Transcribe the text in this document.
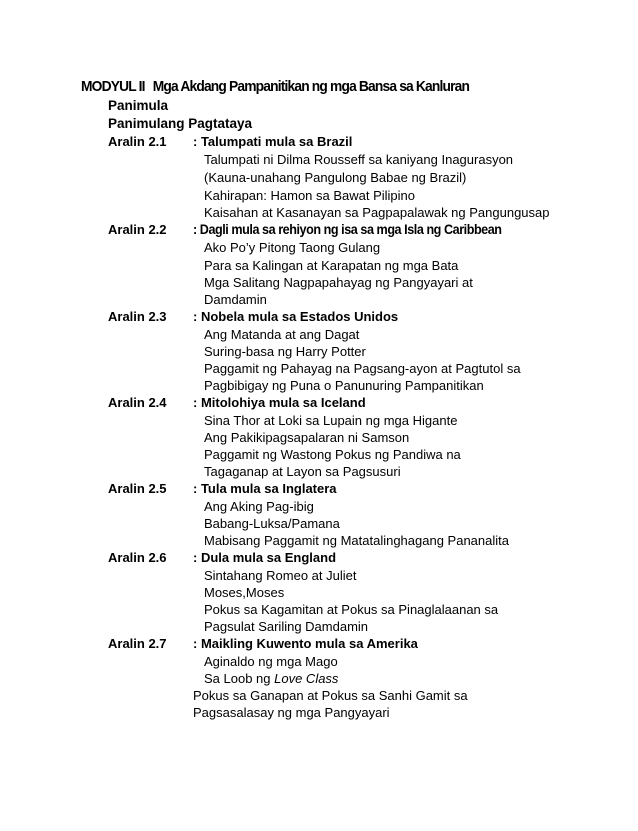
MODYUL II Mga Akdang Pampanitikan ng mga Bansa sa Kanluran
Panimula
Panimulang Pagtataya
Aralin 2.1 : Talumpati mula sa Brazil
Talumpati ni Dilma Rousseff sa kaniyang Inagurasyon
(Kauna-unahang Pangulong Babae ng Brazil)
Kahirapan: Hamon sa Bawat Pilipino
Kaisahan at Kasanayan sa Pagpapalawak ng Pangungusap
Aralin 2.2 : Dagli mula sa rehiyon ng isa sa mga Isla ng Caribbean
Ako Po’y Pitong Taong Gulang
Para sa Kalingan at Karapatan ng mga Bata
Mga Salitang Nagpapahayag ng Pangyayari at
Damdamin
Aralin 2.3 : Nobela mula sa Estados Unidos
Ang Matanda at ang Dagat
Suring-basa ng Harry Potter
Paggamit ng Pahayag na Pagsang-ayon at Pagtutol sa
Pagbibigay ng Puna o Panunuring Pampanitikan
Aralin 2.4 : Mitolohiya mula sa Iceland
Sina Thor at Loki sa Lupain ng mga Higante
Ang Pakikipagsapalaran ni Samson
Paggamit ng Wastong Pokus ng Pandiwa na
Tagaganap at Layon sa Pagsusuri
Aralin 2.5 : Tula mula sa Inglatera
Ang Aking Pag-ibig
Babang-Luksa/Pamana
Mabisang Paggamit ng Matatalinghagang Pananalita
Aralin 2.6 : Dula mula sa England
Sintahang Romeo at Juliet
Moses,Moses
Pokus sa Kagamitan at Pokus sa Pinaglalaanan sa
Pagsulat Sariling Damdamin
Aralin 2.7 : Maikling Kuwento mula sa Amerika
Aginaldo ng mga Mago
Sa Loob ng Love Class
Pokus sa Ganapan at Pokus sa Sanhi Gamit sa
Pagsasalasay ng mga Pangyayari
